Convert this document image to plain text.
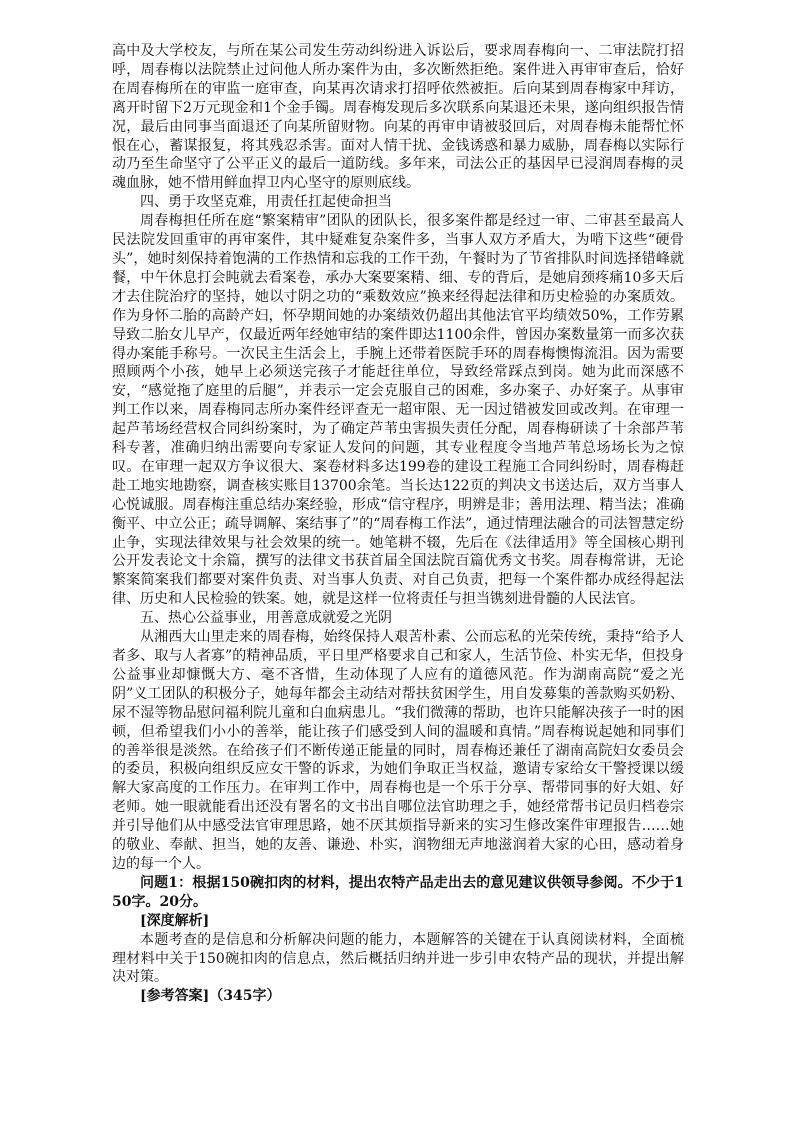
高中及大学校友，与所在某公司发生劳动纠纷进入诉讼后，要求周春梅向一、二审法院打招呼，周春梅以法院禁止过问他人所办案件为由，多次断然拒绝。案件进入再审审查后，恰好在周春梅所在的审监一庭审查，向某再次请求打招呼依然被拒。后向某到周春梅家中拜访，离开时留下2万元现金和1个金手镯。周春梅发现后多次联系向某退还未果，遂向组织报告情况，最后由同事当面退还了向某所留财物。向某的再审申请被驳回后，对周春梅未能帮忙怀恨在心，蓄谋报复，将其残忍杀害。面对人情干扰、金钱诱惑和暴力威胁，周春梅以实际行动乃至生命坚守了公平正义的最后一道防线。多年来，司法公正的基因早已浸润周春梅的灵魂血脉，她不惜用鲜血捍卫内心坚守的原则底线。

四、勇于攻坚克难，用责任扛起使命担当

周春梅担任所在庭“繁案精审”团队的团队长，很多案件都是经过一审、二审甚至最高人民法院发回重审的再审案件，其中疑难复杂案件多，当事人双方矛盾大，为啃下这些“硬骨头”，她时刻保持着饱满的工作热情和忘我的工作干劲，午餐时为了节省排队时间选择错峰就餐，中午休息打会盹就去看案卷，承办大案要案精、细、专的背后，是她肩颈疼痛10多天后才去住院治疗的坚持，她以寸阴之功的“乘数效应”换来经得起法律和历史检验的办案质效。作为身怀二胎的高龄产妇，怀孕期间她的办案绩效仍超出其他法官平均绩效50%，工作劳累导致二胎女儿早产，仅最近两年经她审结的案件即达1100余件，曾因办案数量第一而多次获得办案能手称号。一次民主生活会上，手腕上还带着医院手环的周春梅懊悔流泪。因为需要照顾两个小孩，她早上必须送完孩子才能赶往单位，导致经常踩点到岗。她为此而深感不安，“感觉拖了庭里的后腿”，并表示一定会克服自己的困难，多办案子、办好案子。从事审判工作以来，周春梅同志所办案件经评查无一超审限、无一因过错被发回或改判。在审理一起芦苇场经营权合同纠纷案时，为了确定芦苇虫害损失责任分配，周春梅研读了十余部芦苇科专著，准确归纳出需要向专家证人发问的问题，其专业程度令当地芦苇总场场长为之惊叹。在审理一起双方争议很大、案卷材料多达199卷的建设工程施工合同纠纷时，周春梅赶赴工地实地勘察，调查核实账目13700余笔。当长达122页的判决文书送达后，双方当事人心悦诚服。周春梅注重总结办案经验，形成“信守程序，明辨是非；善用法理、精当法；准确衡平、中立公正；疏导调解、案结事了”的“周春梅工作法”，通过情理法融合的司法智慧定纷止争，实现法律效果与社会效果的统一。她笔耕不辍，先后在《法律适用》等全国核心期刊公开发表论文十余篇，撰写的法律文书获首届全国法院百篇优秀文书奖。周春梅常讲，无论繁案简案我们都要对案件负责、对当事人负责、对自己负责，把每一个案件都办成经得起法律、历史和人民检验的铁案。她，就是这样一位将责任与担当镌刻进骨髓的人民法官。

五、热心公益事业，用善意成就爱之光阴

从湘西大山里走来的周春梅，始终保持人艰苦朴素、公而忘私的光荣传统，秉持“给予人者多、取与人者寡”的精神品质，平日里严格要求自己和家人，生活节俭、朴实无华，但投身公益事业却慷慨大方、毫不吝惜，生动体现了人应有的道德风范。作为湖南高院“爱之光阴”义工团队的积极分子，她每年都会主动结对帮扶贫困学生，用自发募集的善款购买奶粉、尿不湿等物品慰问福利院儿童和白血病患儿。“我们微薄的帮助，也许只能解决孩子一时的困顿，但希望我们小小的善举，能让孩子们感受到人间的温暖和真情。”周春梅说起她和同事们的善举很是淡然。在给孩子们不断传递正能量的同时，周春梅还兼任了湖南高院妇女委员会的委员，积极向组织反应女干警的诉求，为她们争取正当权益，邀请专家给女干警授课以缓解大家高度的工作压力。在审判工作中，周春梅也是一个乐于分享、帮带同事的好大姐、好老师。她一眼就能看出还没有署名的文书出自哪位法官助理之手，她经常帮书记员归档卷宗并引导他们从中感受法官审理思路，她不厌其烦指导新来的实习生修改案件审理报告……她的敬业、奉献、担当，她的友善、谦逊、朴实，润物细无声地滋润着大家的心田，感动着身边的每一个人。

问题1：根据150碗扣肉的材料，提出农特产品走出去的意见建议供领导参阅。不少于150字。20分。

[深度解析]

本题考查的是信息和分析解决问题的能力，本题解答的关键在于认真阅读材料，全面梳理材料中关于150碗扣肉的信息点，然后概括归纳并进一步引申农特产品的现状，并提出解决对策。

[参考答案]（345字）
